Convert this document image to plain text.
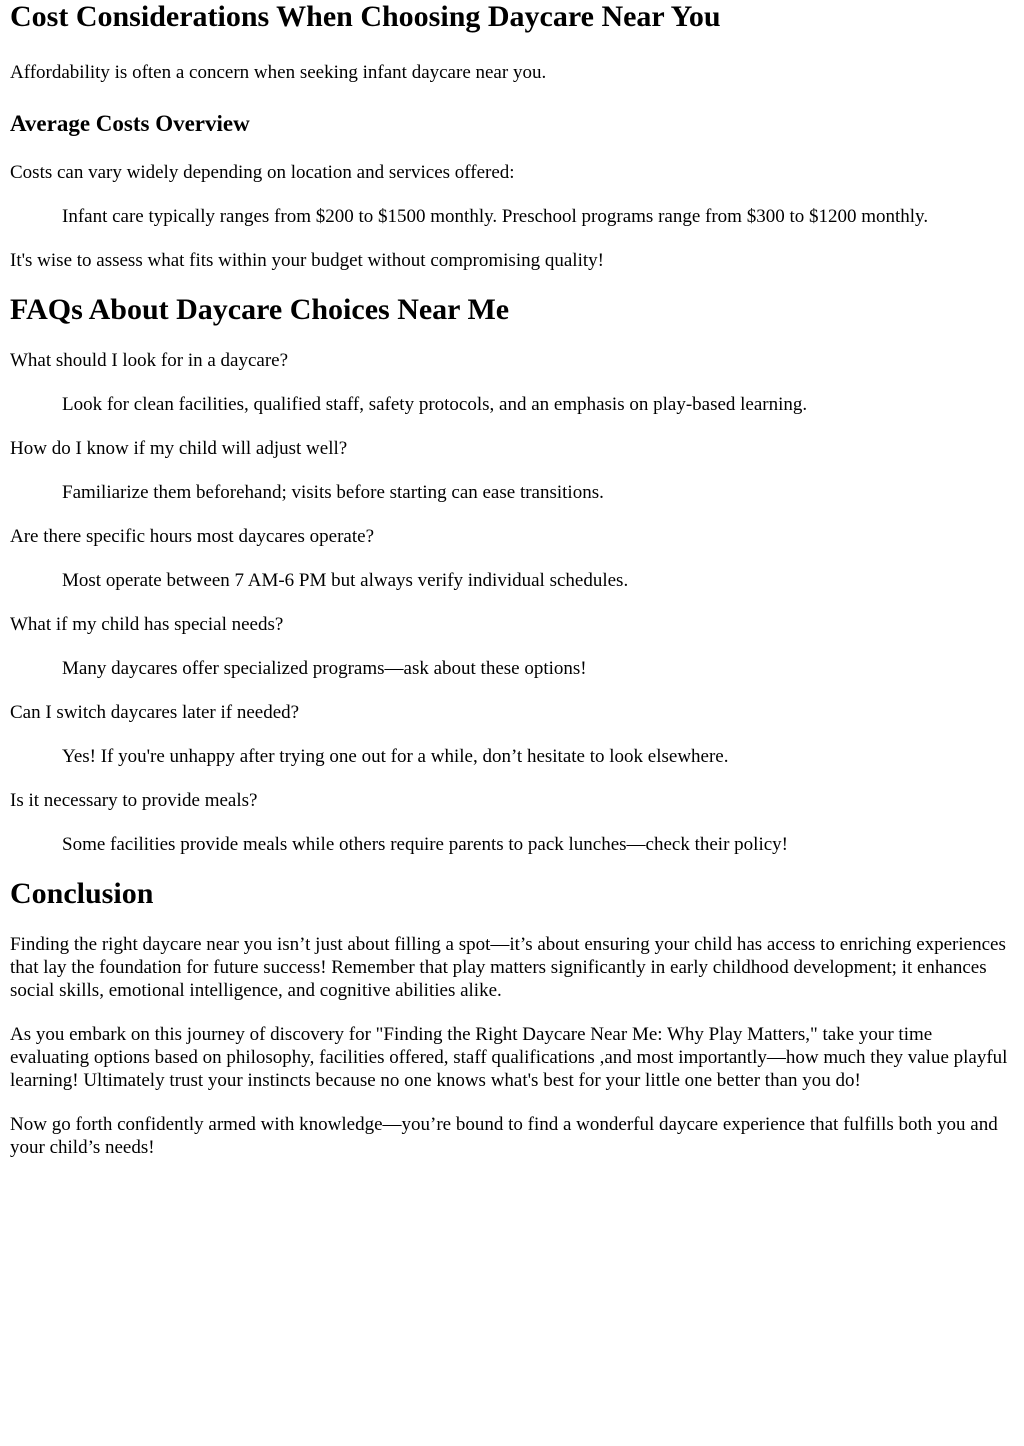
Cost Considerations When Choosing Daycare Near You

Affordability is often a concern when seeking infant daycare near you.

Average Costs Overview

Costs can vary widely depending on location and services offered:

Infant care typically ranges from $200 to $1500 monthly. Preschool programs range from $300 to $1200 monthly.

It's wise to assess what fits within your budget without compromising quality!

FAQs About Daycare Choices Near Me

What should I look for in a daycare?

Look for clean facilities, qualified staff, safety protocols, and an emphasis on play-based learning.

How do I know if my child will adjust well?

Familiarize them beforehand; visits before starting can ease transitions.

Are there specific hours most daycares operate?

Most operate between 7 AM-6 PM but always verify individual schedules.

What if my child has special needs?

Many daycares offer specialized programs—ask about these options!

Can I switch daycares later if needed?

Yes! If you're unhappy after trying one out for a while, don’t hesitate to look elsewhere.

Is it necessary to provide meals?

Some facilities provide meals while others require parents to pack lunches—check their policy!

Conclusion

Finding the right daycare near you isn’t just about filling a spot—it’s about ensuring your child has access to enriching experiences that lay the foundation for future success! Remember that play matters significantly in early childhood development; it enhances social skills, emotional intelligence, and cognitive abilities alike.

As you embark on this journey of discovery for "Finding the Right Daycare Near Me: Why Play Matters," take your time evaluating options based on philosophy, facilities offered, staff qualifications ,and most importantly—how much they value playful learning! Ultimately trust your instincts because no one knows what's best for your little one better than you do!

Now go forth confidently armed with knowledge—you’re bound to find a wonderful daycare experience that fulfills both you and your child’s needs!
